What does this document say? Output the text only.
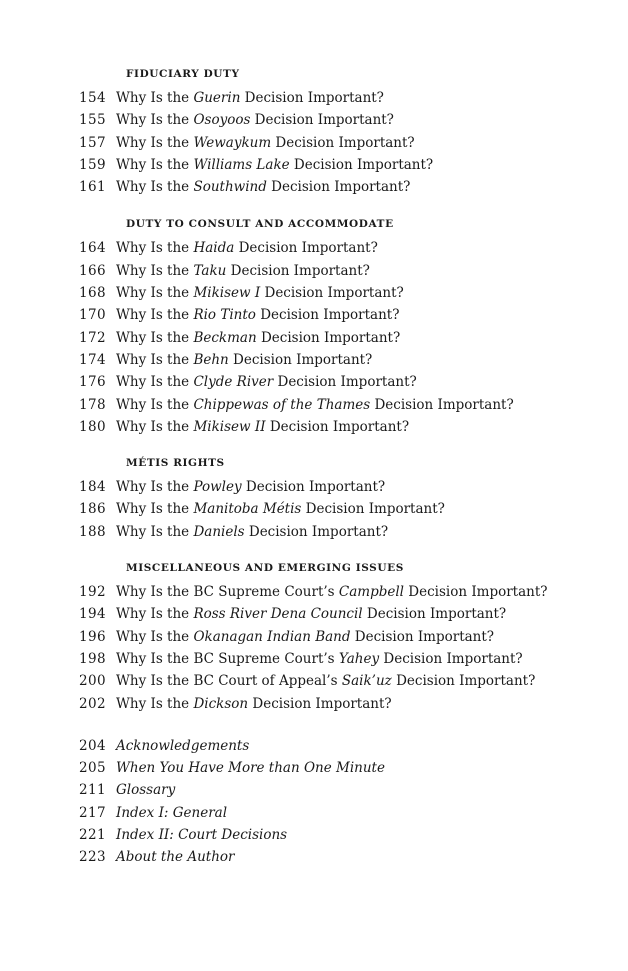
FIDUCIARY DUTY
154 Why Is the Guerin Decision Important?
155 Why Is the Osoyoos Decision Important?
157 Why Is the Wewaykum Decision Important?
159 Why Is the Williams Lake Decision Important?
161 Why Is the Southwind Decision Important?
DUTY TO CONSULT AND ACCOMMODATE
164 Why Is the Haida Decision Important?
166 Why Is the Taku Decision Important?
168 Why Is the Mikisew I Decision Important?
170 Why Is the Rio Tinto Decision Important?
172 Why Is the Beckman Decision Important?
174 Why Is the Behn Decision Important?
176 Why Is the Clyde River Decision Important?
178 Why Is the Chippewas of the Thames Decision Important?
180 Why Is the Mikisew II Decision Important?
MÉTIS RIGHTS
184 Why Is the Powley Decision Important?
186 Why Is the Manitoba Métis Decision Important?
188 Why Is the Daniels Decision Important?
MISCELLANEOUS AND EMERGING ISSUES
192 Why Is the BC Supreme Court’s Campbell Decision Important?
194 Why Is the Ross River Dena Council Decision Important?
196 Why Is the Okanagan Indian Band Decision Important?
198 Why Is the BC Supreme Court’s Yahey Decision Important?
200 Why Is the BC Court of Appeal’s Saik’uz Decision Important?
202 Why Is the Dickson Decision Important?
204 Acknowledgements
205 When You Have More than One Minute
211 Glossary
217 Index I: General
221 Index II: Court Decisions
223 About the Author
